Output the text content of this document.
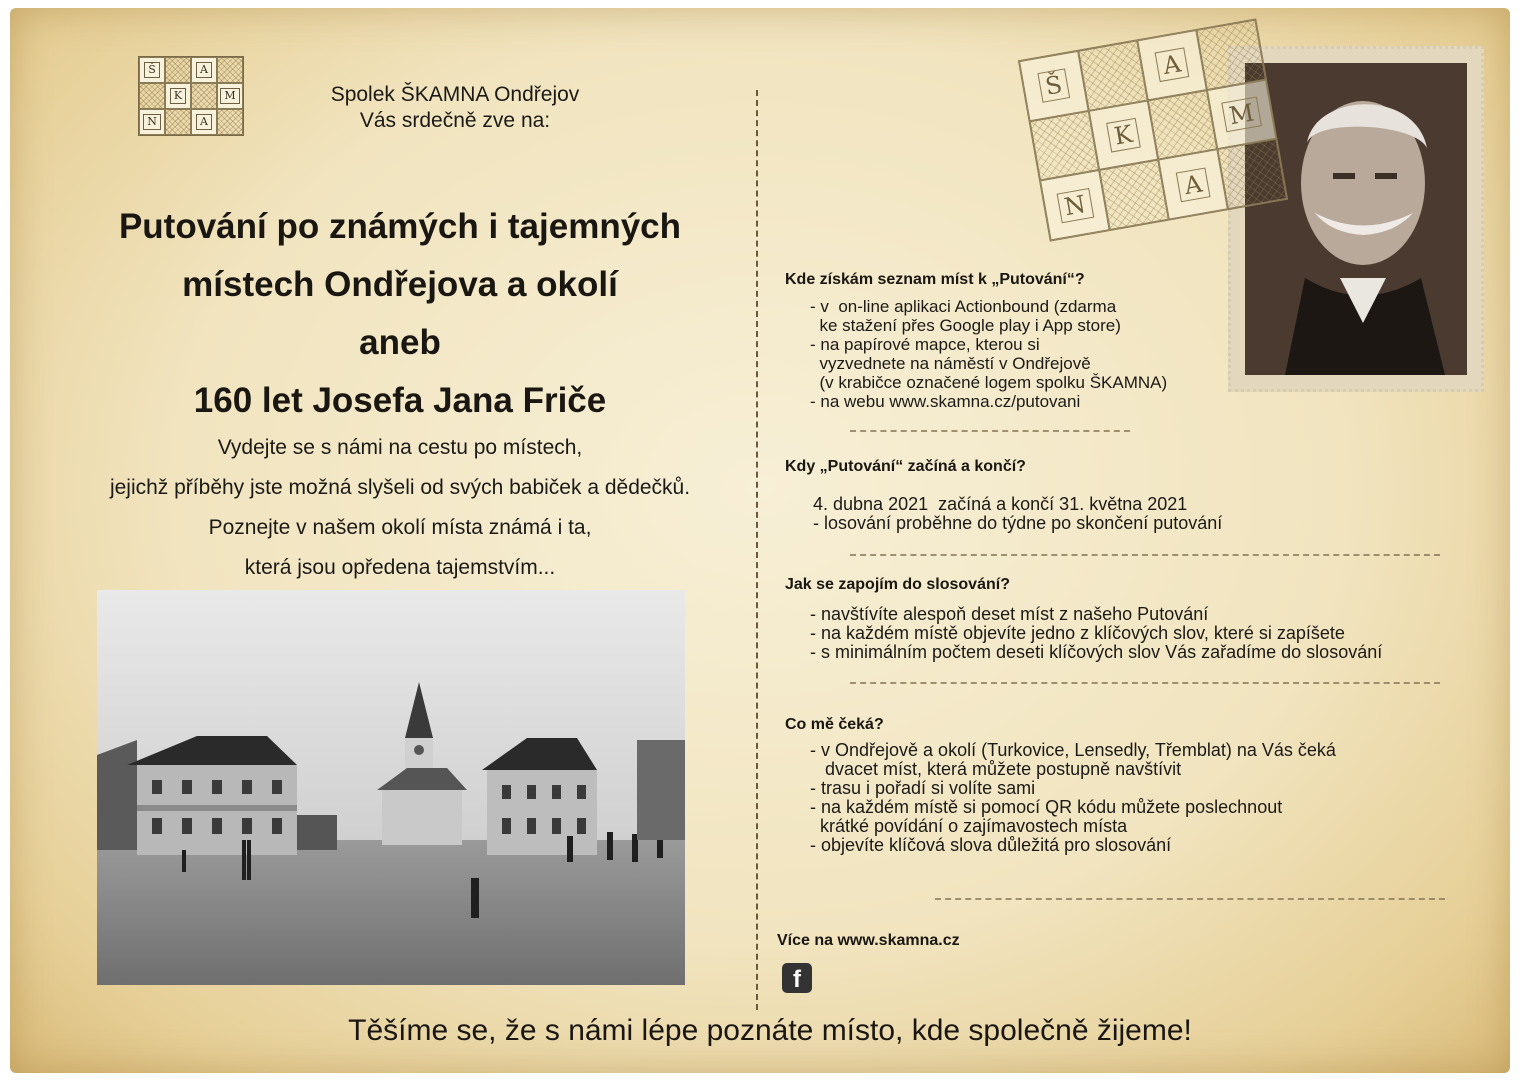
Š	A
K	M
N	A
Spolek ŠKAMNA Ondřejov
Vás srdečně zve na:
Putování po známých i tajemných
místech Ondřejova a okolí
aneb
160 let Josefa Jana Friče
Vydejte se s námi na cestu po místech,
jejichž příběhy jste možná slyšeli od svých babiček a dědečků.
Poznejte v našem okolí místa známá i ta,
která jsou opředena tajemstvím...
Š
A
K
M
N
A
Kde získám seznam míst k „Putování“?
- v  on-line aplikaci Actionbound (zdarma
ke stažení přes Google play i App store)
- na papírové mapce, kterou si
vyzvednete na náměstí v Ondřejově
(v krabičce označené logem spolku ŠKAMNA)
- na webu www.skamna.cz/putovani
Kdy „Putování“ začíná a končí?
4. dubna 2021  začíná a končí 31. května 2021
- losování proběhne do týdne po skončení putování
Jak se zapojím do slosování?
- navštívíte alespoň deset míst z našeho Putování
- na každém místě objevíte jedno z klíčových slov, které si zapíšete
- s minimálním počtem deseti klíčových slov Vás zařadíme do slosování
Co mě čeká?
- v Ondřejově a okolí (Turkovice, Lensedly, Třemblat) na Vás čeká
dvacet míst, která můžete postupně navštívit
- trasu i pořadí si volíte sami
- na každém místě si pomocí QR kódu můžete poslechnout
krátké povídání o zajímavostech místa
- objevíte klíčová slova důležitá pro slosování
Více na www.skamna.cz
f
Těšíme se, že s námi lépe poznáte místo, kde společně žijeme!
